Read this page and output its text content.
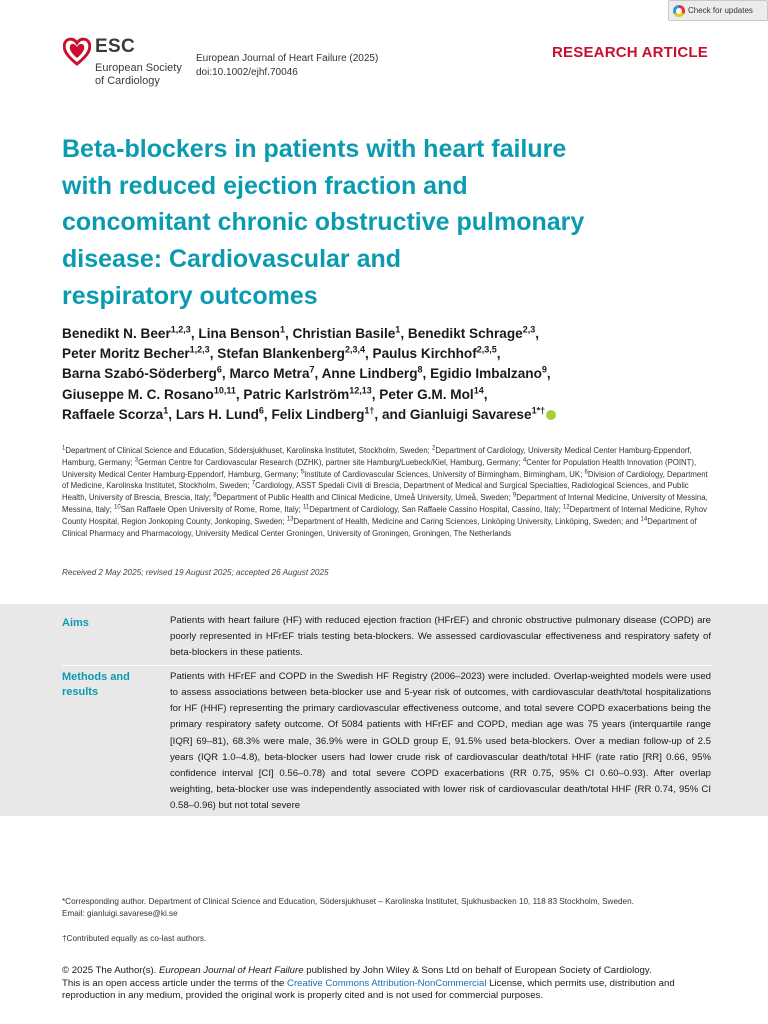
Check for updates
ESC
European Society
of Cardiology
European Journal of Heart Failure (2025)
doi:10.1002/ejhf.70046
RESEARCH ARTICLE
Beta-blockers in patients with heart failure
with reduced ejection fraction and
concomitant chronic obstructive pulmonary
disease: Cardiovascular and
respiratory outcomes
Benedikt N. Beer$^{1,2,3}$, Lina Benson$^1$, Christian Basile$^1$, Benedikt Schrage$^{2,3}$,
Peter Moritz Becher$^{1,2,3}$, Stefan Blankenberg$^{2,3,4}$, Paulus Kirchhof$^{2,3,5}$,
Barna Szabó-Söderberg$^6$, Marco Metra$^7$, Anne Lindberg$^8$, Egidio Imbalzano$^9$,
Giuseppe M. C. Rosano$^{10,11}$, Patric Karlström$^{12,13}$, Peter G.M. Mol$^{14}$,
Raffaele Scorza$^1$, Lars H. Lund$^6$, Felix Lindberg$^{1\dagger}$, and Gianluigi Savarese$^{1*\dagger}$
$^1$Department of Clinical Science and Education, Södersjukhuset, Karolinska Institutet, Stockholm, Sweden; $^2$Department of Cardiology, University Medical Center Hamburg-Eppendorf, Hamburg, Germany; $^3$German Centre for Cardiovascular Research (DZHK), partner site Hamburg/Luebeck/Kiel, Hamburg, Germany; $^4$Center for Population Health Innovation (POINT), University Medical Center Hamburg-Eppendorf, Hamburg, Germany; $^5$Institute of Cardiovascular Sciences, University of Birmingham, Birmingham, UK; $^6$Division of Cardiology, Department of Medicine, Karolinska Institutet, Stockholm, Sweden; $^7$Cardiology, ASST Spedali Civili di Brescia, Department of Medical and Surgical Specialties, Radiological Sciences, and Public Health, University of Brescia, Brescia, Italy; $^8$Department of Public Health and Clinical Medicine, Umeå University, Umeå, Sweden; $^9$Department of Internal Medicine, University of Messina, Messina, Italy; $^{10}$San Raffaele Open University of Rome, Rome, Italy; $^{11}$Department of Cardiology, San Raffaele Cassino Hospital, Cassino, Italy; $^{12}$Department of Internal Medicine, Ryhov County Hospital, Region Jonkoping County, Jonkoping, Sweden; $^{13}$Department of Health, Medicine and Caring Sciences, Linköping University, Linköping, Sweden; and $^{14}$Department of Clinical Pharmacy and Pharmacology, University Medical Center Groningen, University of Groningen, Groningen, The Netherlands
Received 2 May 2025; revised 19 August 2025; accepted 26 August 2025
Aims	Patients with heart failure (HF) with reduced ejection fraction (HFrEF) and chronic obstructive pulmonary disease (COPD) are poorly represented in HFrEF trials testing beta-blockers. We assessed cardiovascular effectiveness and respiratory safety of beta-blockers in these patients.
Methods and results
Patients with HFrEF and COPD in the Swedish HF Registry (2006–2023) were included. Overlap-weighted models were used to assess associations between beta-blocker use and 5-year risk of outcomes, with cardiovascular death/total hospitalizations for HF (HHF) representing the primary cardiovascular effectiveness outcome, and total severe COPD exacerbations being the primary respiratory safety outcome. Of 5084 patients with HFrEF and COPD, median age was 75 years (interquartile range [IQR] 69–81), 68.3% were male, 36.9% were in GOLD group E, 91.5% used beta-blockers. Over a median follow-up of 2.5 years (IQR 1.0–4.8), beta-blocker users had lower crude risk of cardiovascular death/total HHF (rate ratio [RR] 0.66, 95% confidence interval [CI] 0.56–0.78) and total severe COPD exacerbations (RR 0.75, 95% CI 0.60–0.93). After overlap weighting, beta-blocker use was independently associated with lower risk of cardiovascular death/total HHF (RR 0.74, 95% CI 0.58–0.96) but not total severe
*Corresponding author. Department of Clinical Science and Education, Södersjukhuset – Karolinska Institutet, Sjukhusbacken 10, 118 83 Stockholm, Sweden.
Email: gianluigi.savarese@ki.se
†Contributed equally as co-last authors.
© 2025 The Author(s). European Journal of Heart Failure published by John Wiley & Sons Ltd on behalf of European Society of Cardiology.
This is an open access article under the terms of the Creative Commons Attribution-NonCommercial License, which permits use, distribution and reproduction in any medium, provided the original work is properly cited and is not used for commercial purposes.
